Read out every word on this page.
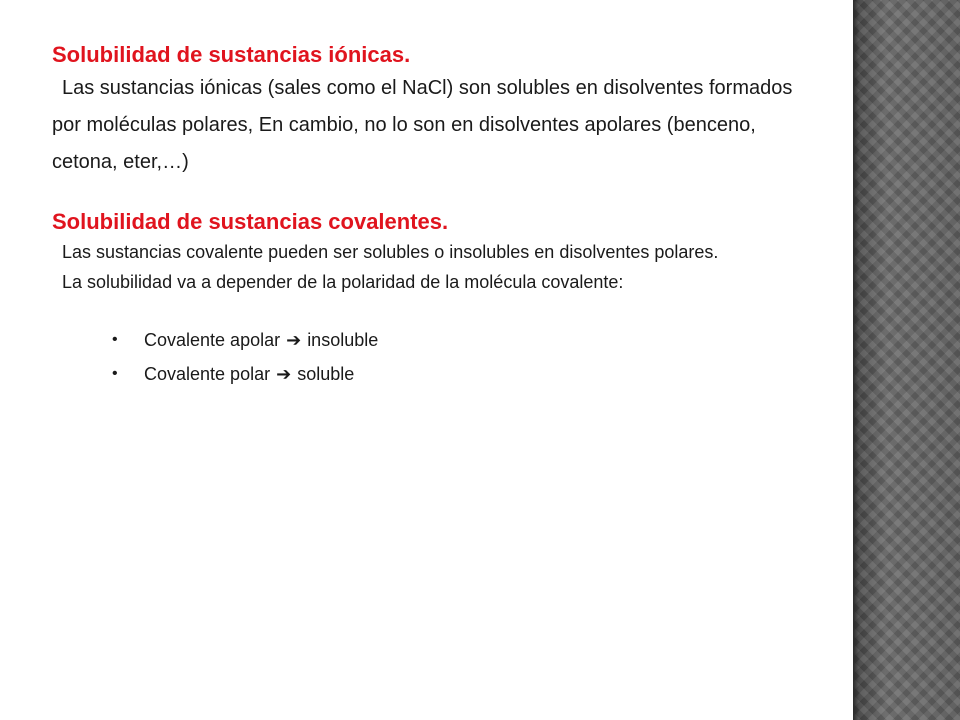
Solubilidad de sustancias iónicas.

Las sustancias iónicas (sales como el NaCl) son solubles en disolventes formados por moléculas polares, En cambio, no lo son en disolventes apolares (benceno, cetona, eter,…)

Solubilidad de sustancias covalentes.

Las sustancias covalente pueden ser solubles o insolubles en disolventes polares.

La solubilidad va a depender de la polaridad de la molécula covalente:

•	Covalente apolar ➔ insoluble
•	Covalente polar ➔ soluble
